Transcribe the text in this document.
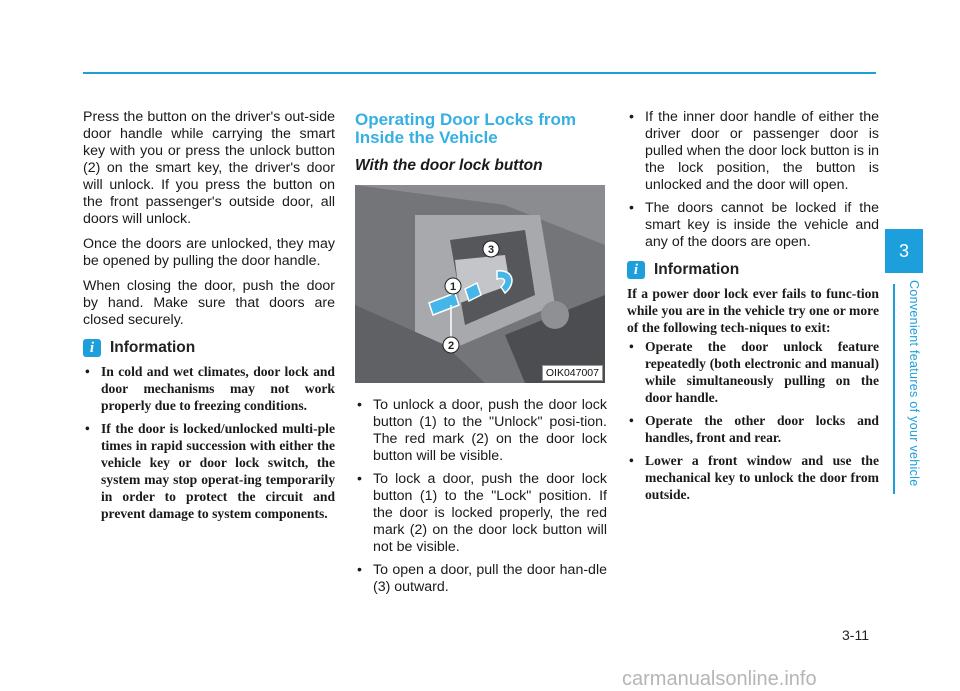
Press the button on the driver's out-side door handle while carrying the smart key with you or press the unlock button (2) on the smart key, the driver's door will unlock. If you press the button on the front passenger's outside door, all doors will unlock.

Once the doors are unlocked, they may be opened by pulling the door handle.

When closing the door, push the door by hand. Make sure that doors are closed securely.

i	Information
• In cold and wet climates, door lock and door mechanisms may not work properly due to freezing conditions.
• If the door is locked/unlocked multi-ple times in rapid succession with either the vehicle key or door lock switch, the system may stop operat-ing temporarily in order to protect the circuit and prevent damage to system components.
Operating Door Locks from Inside the Vehicle
With the door lock button
1
3
2
OIK047007
• To unlock a door, push the door lock button (1) to the "Unlock" posi-tion. The red mark (2) on the door lock button will be visible.
• To lock a door, push the door lock button (1) to the "Lock" position. If the door is locked properly, the red mark (2) on the door lock button will not be visible.
• To open a door, pull the door han-dle (3) outward.
• If the inner door handle of either the driver door or passenger door is pulled when the door lock button is in the lock position, the button is unlocked and the door will open.
• The doors cannot be locked if the smart key is inside the vehicle and any of the doors are open.
i	Information

If a power door lock ever fails to func-tion while you are in the vehicle try one or more of the following tech-niques to exit:

• Operate the door unlock feature repeatedly (both electronic and manual) while simultaneously pulling on the door handle.
• Operate the other door locks and handles, front and rear.
• Lower a front window and use the mechanical key to unlock the door from outside.
3
Convenient features of your vehicle
3-11
carmanualsonline.info
